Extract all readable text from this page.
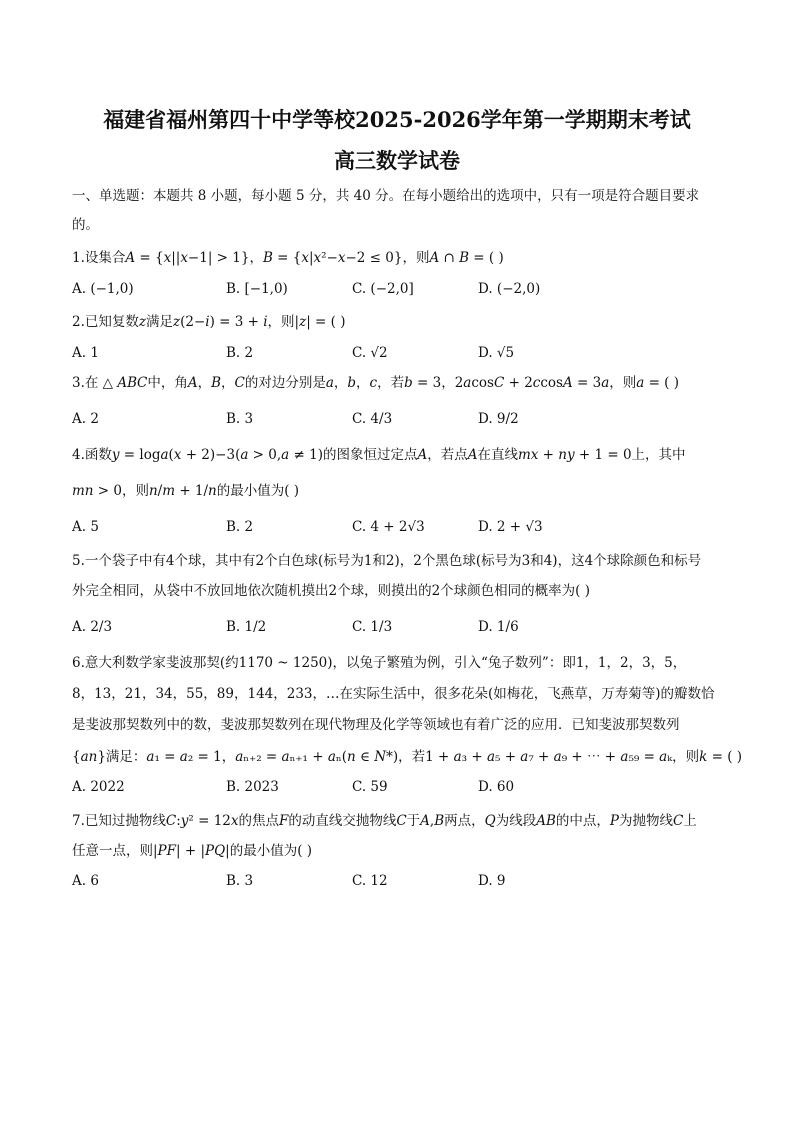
福建省福州第四十中学等校2025-2026学年第一学期期末考试
高三数学试卷
一、单选题：本题共 8 小题，每小题 5 分，共 40 分。在每小题给出的选项中，只有一项是符合题目要求
的。
1.设集合𝐴 = {𝑥||𝑥−1| > 1}，𝐵 = {𝑥|𝑥²−𝑥−2 ≤ 0}，则𝐴 ∩ 𝐵 = ( )
A. (−1,0)	B. [−1,0)	C. (−2,0]	D. (−2,0)
2.已知复数𝑧满足𝑧(2−𝑖) = 3 + 𝑖，则|𝑧| = ( )
A. 1	B. 2	C. √2	D. √5
3.在 △ 𝐴𝐵𝐶中，角𝐴，𝐵，𝐶的对边分别是𝑎，𝑏，𝑐，若𝑏 = 3，2𝑎cos𝐶 + 2𝑐cos𝐴 = 3𝑎，则𝑎 = ( )
A. 2	B. 3	C. 4/3	D. 9/2
4.函数𝑦 = log𝑎(𝑥 + 2)−3(𝑎 > 0,𝑎 ≠ 1)的图象恒过定点𝐴，若点𝐴在直线𝑚𝑥 + 𝑛𝑦 + 1 = 0上，其中
𝑚𝑛 > 0，则𝑛/𝑚 + 1/𝑛的最小值为( )
A. 5	B. 2	C. 4 + 2√3	D. 2 + √3
5.一个袋子中有4个球，其中有2个白色球(标号为1和2)，2个黑色球(标号为3和4)，这4个球除颜色和标号
外完全相同，从袋中不放回地依次随机摸出2个球，则摸出的2个球颜色相同的概率为( )
A. 2/3	B. 1/2	C. 1/3	D. 1/6
6.意大利数学家斐波那契(约1170 ~ 1250)，以兔子繁殖为例，引入“兔子数列”：即1，1，2，3，5，
8，13，21，34，55，89，144，233，…在实际生活中，很多花朵(如梅花，飞燕草，万寿菊等)的瓣数恰
是斐波那契数列中的数，斐波那契数列在现代物理及化学等领域也有着广泛的应用．已知斐波那契数列
{𝑎𝑛}满足：𝑎₁ = 𝑎₂ = 1，𝑎ₙ₊₂ = 𝑎ₙ₊₁ + 𝑎ₙ(𝑛 ∈ 𝑁*)，若1 + 𝑎₃ + 𝑎₅ + 𝑎₇ + 𝑎₉ + ⋯ + 𝑎₅₉ = 𝑎ₖ，则𝑘 = ( )
A. 2022	B. 2023	C. 59	D. 60
7.已知过抛物线𝐶:𝑦² = 12𝑥的焦点𝐹的动直线交抛物线𝐶于𝐴,𝐵两点，𝑄为线段𝐴𝐵的中点，𝑃为抛物线𝐶上
任意一点，则|𝑃𝐹| + |𝑃𝑄|的最小值为( )
A. 6	B. 3	C. 12	D. 9
